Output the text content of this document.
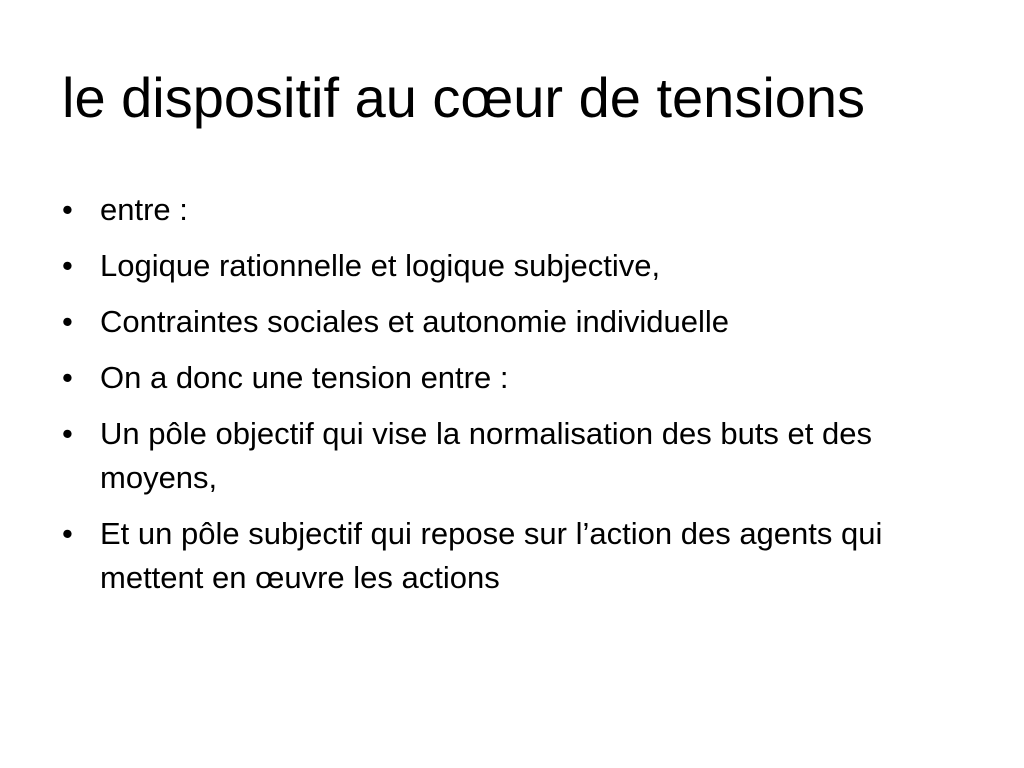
le dispositif au cœur de tensions
• entre :
• Logique rationnelle et logique subjective,
• Contraintes sociales et autonomie individuelle
• On a donc une tension entre :
• Un pôle objectif qui vise la normalisation des buts et des moyens,
• Et un pôle subjectif qui repose sur l’action des agents qui mettent en œuvre les actions
